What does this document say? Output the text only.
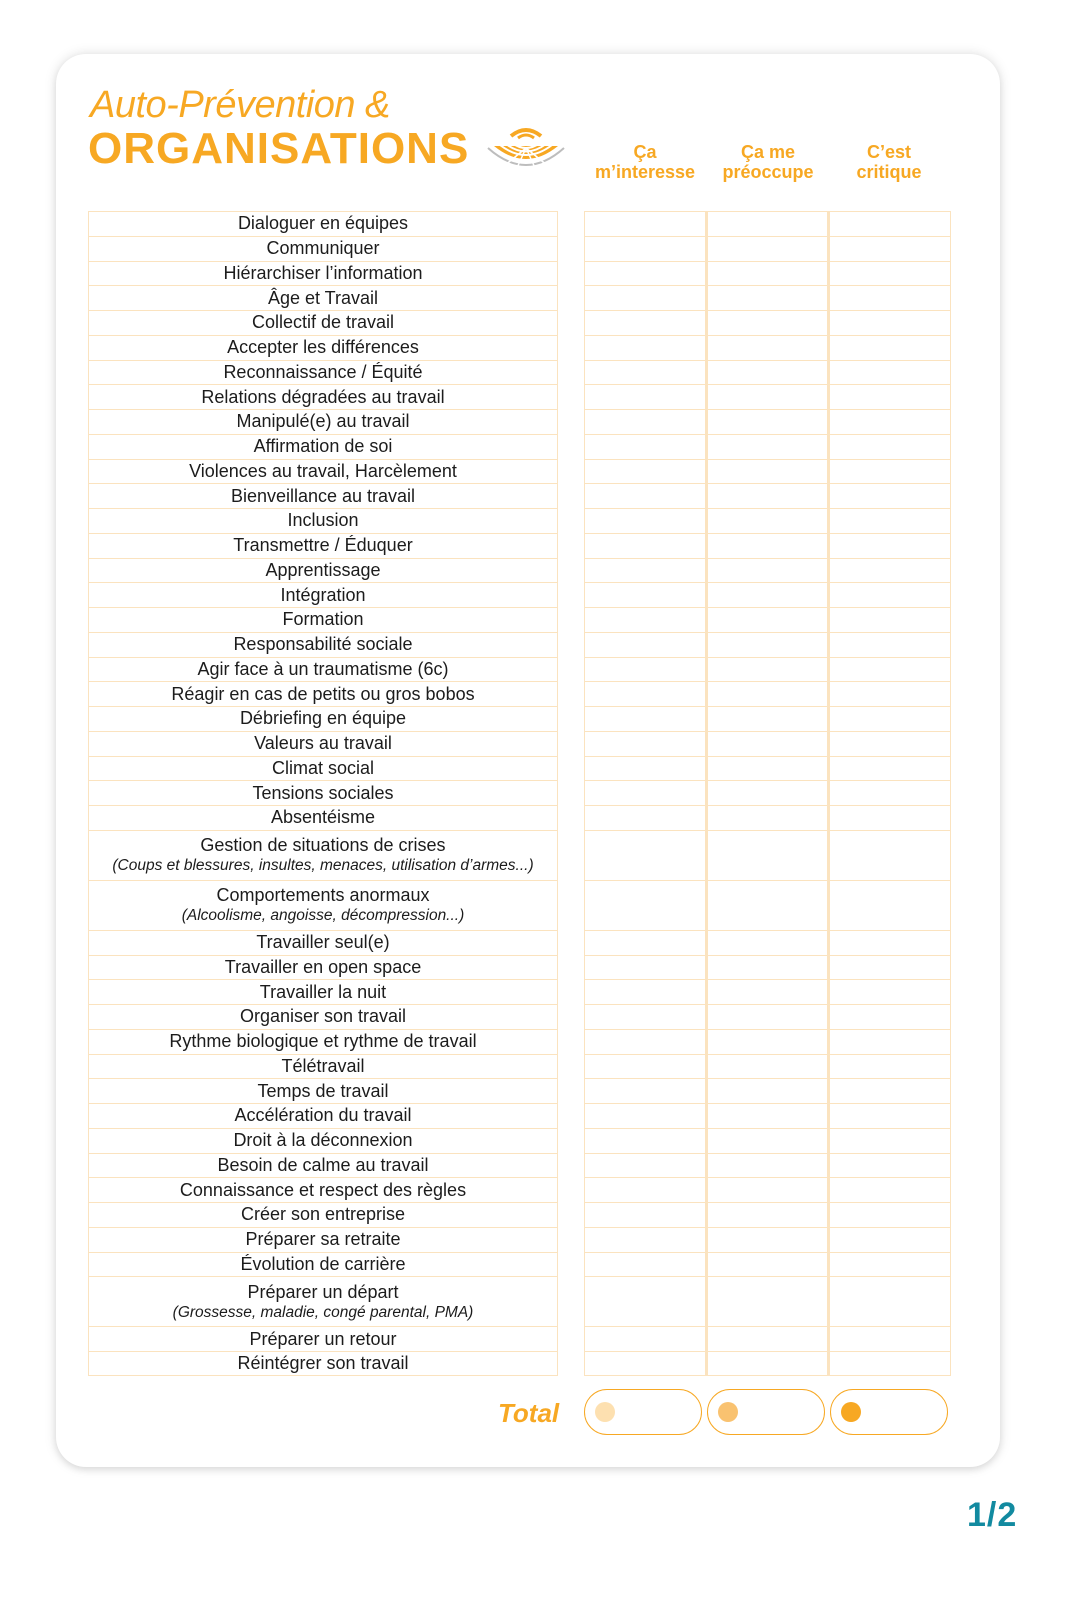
Auto-Prévention &
ORGANISATIONS	Ça
m’interesse
Ça me
préoccupe
C’est
critique
Dialoguer en équipes
Communiquer
Hiérarchiser l’information
Âge et Travail
Collectif de travail
Accepter les différences
Reconnaissance / Équité
Relations dégradées au travail
Manipulé(e) au travail
Affirmation de soi
Violences au travail, Harcèlement
Bienveillance au travail
Inclusion
Transmettre / Éduquer
Apprentissage
Intégration
Formation
Responsabilité sociale
Agir face à un traumatisme (6c)
Réagir en cas de petits ou gros bobos
Débriefing en équipe
Valeurs au travail
Climat social
Tensions sociales
Absentéisme
Gestion de situations de crises
(Coups et blessures, insultes, menaces, utilisation d’armes...)
Comportements anormaux
(Alcoolisme, angoisse, décompression...)
Travailler seul(e)
Travailler en open space
Travailler la nuit
Organiser son travail
Rythme biologique et rythme de travail
Télétravail
Temps de travail
Accélération du travail
Droit à la déconnexion
Besoin de calme au travail
Connaissance et respect des règles
Créer son entreprise
Préparer sa retraite
Évolution de carrière
Préparer un départ
(Grossesse, maladie, congé parental, PMA)
Préparer un retour
Réintégrer son travail
Total
1/2
